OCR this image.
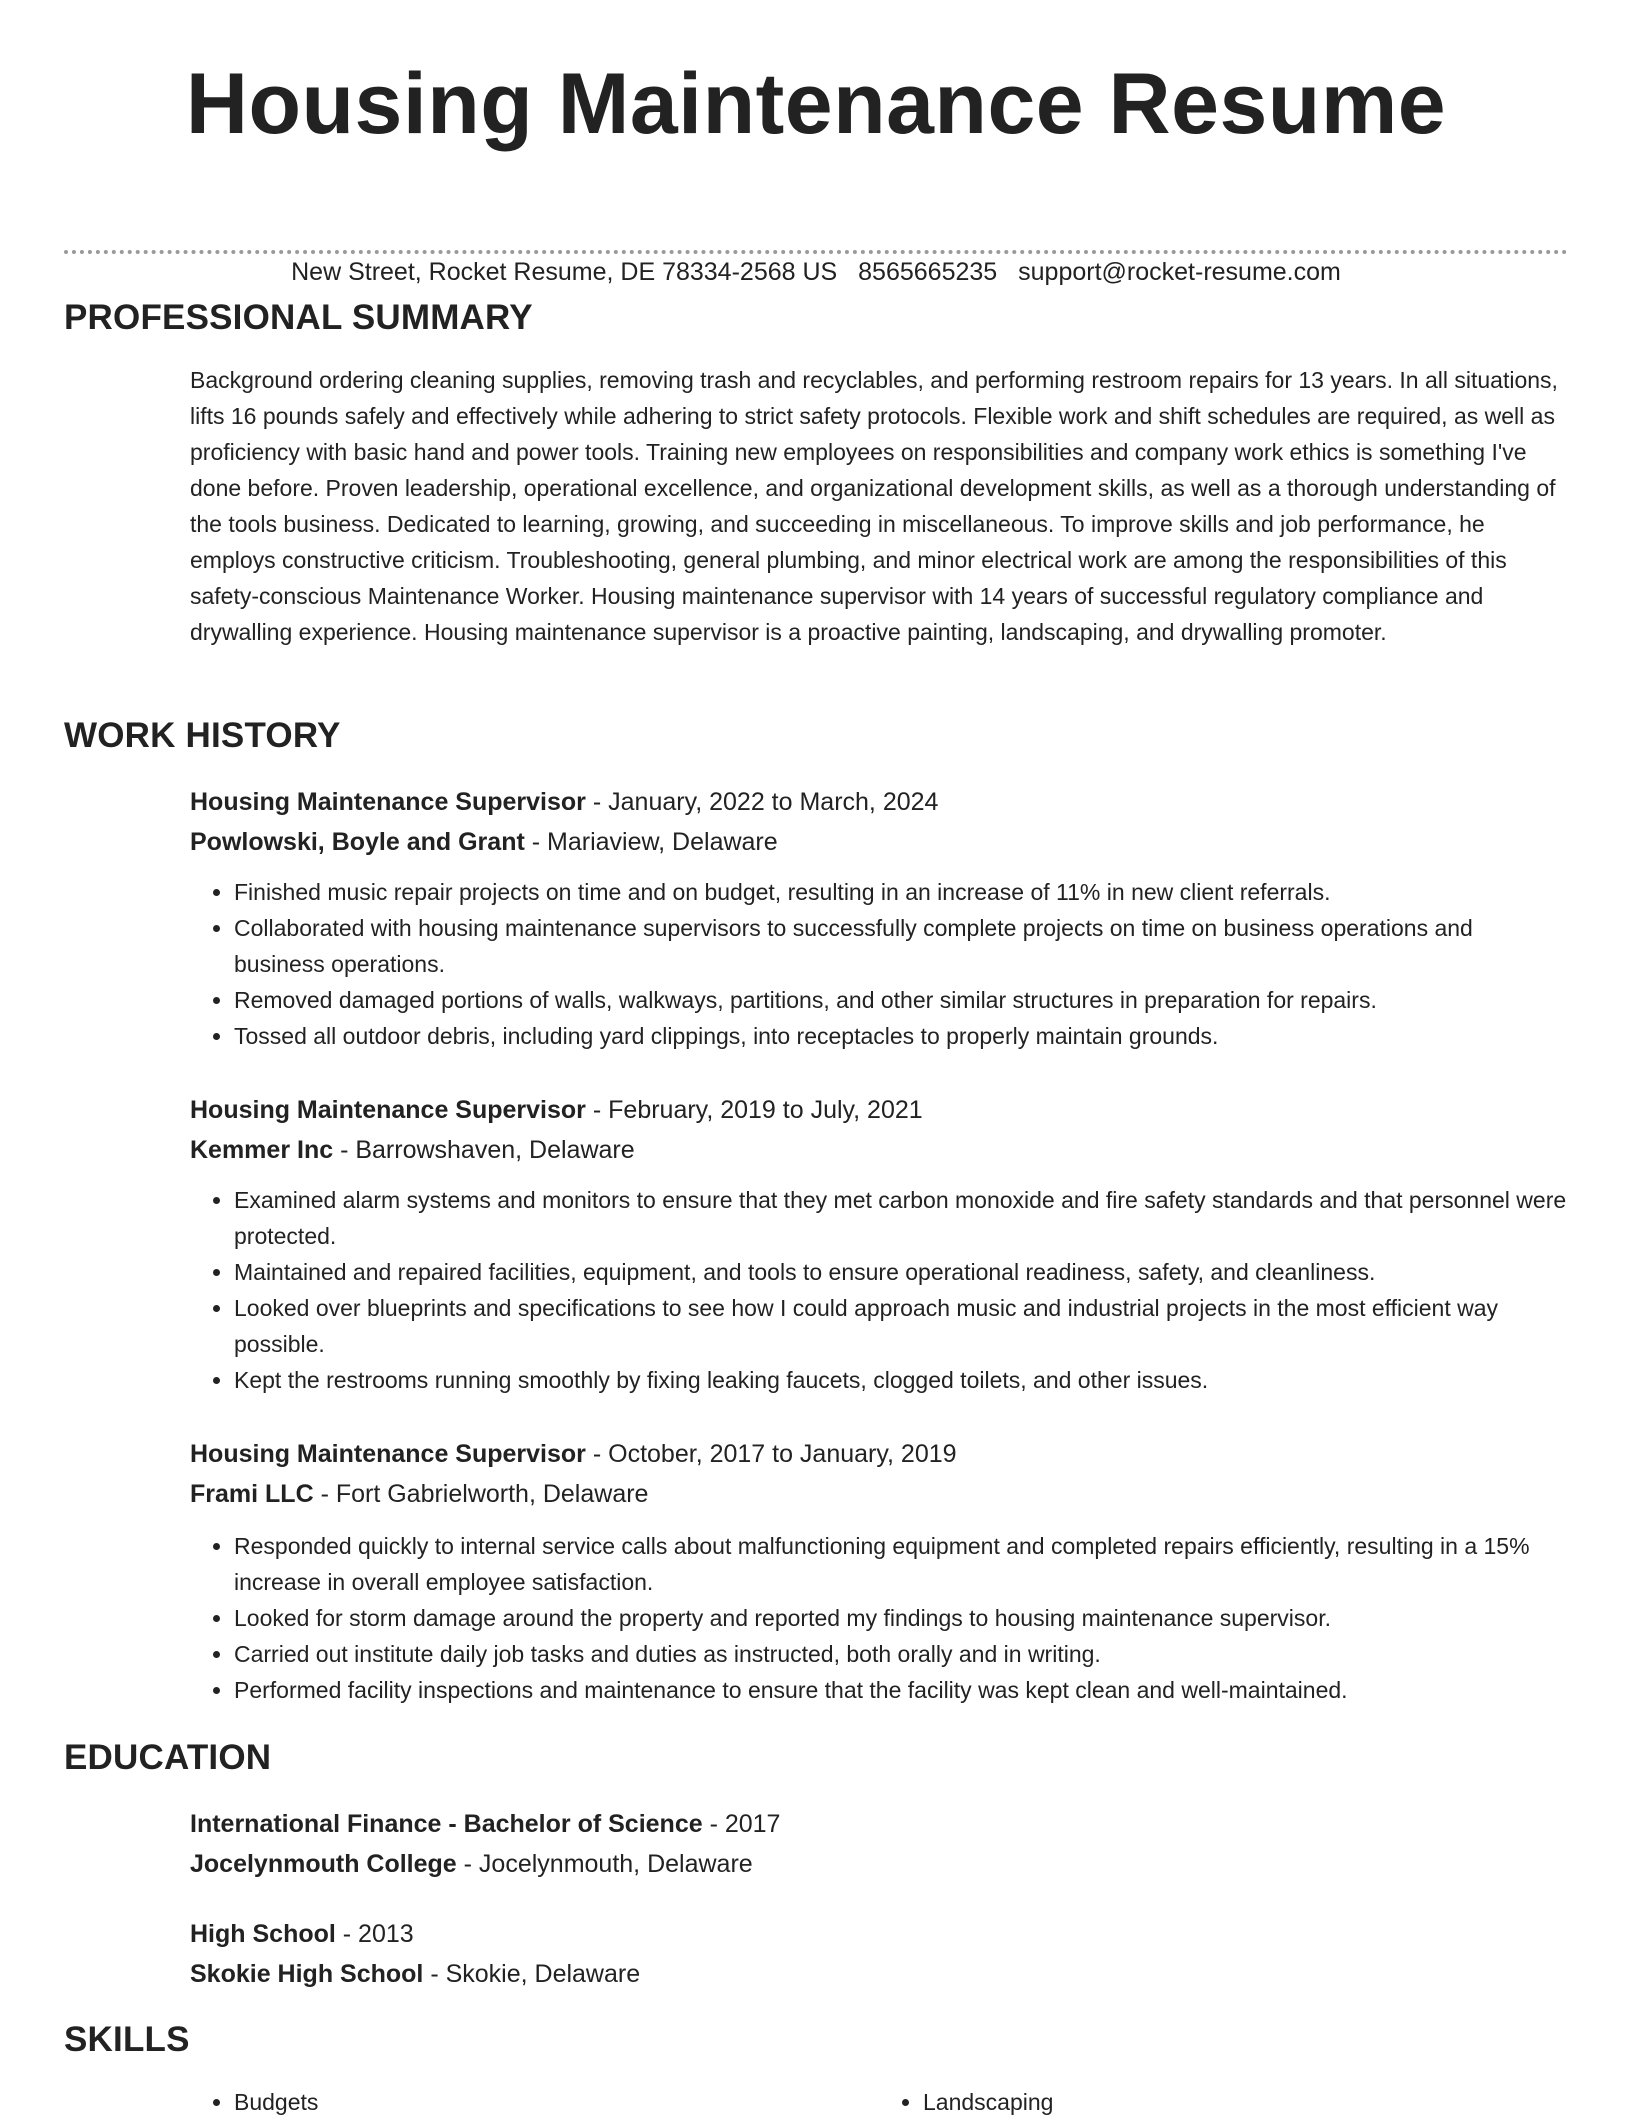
Housing Maintenance Resume
New Street, Rocket Resume, DE 78334-2568 US 8565665235 support@rocket-resume.com
PROFESSIONAL SUMMARY
Background ordering cleaning supplies, removing trash and recyclables, and performing restroom repairs for 13 years. In all situations, lifts 16 pounds safely and effectively while adhering to strict safety protocols. Flexible work and shift schedules are required, as well as proficiency with basic hand and power tools. Training new employees on responsibilities and company work ethics is something I've done before. Proven leadership, operational excellence, and organizational development skills, as well as a thorough understanding of the tools business. Dedicated to learning, growing, and succeeding in miscellaneous. To improve skills and job performance, he employs constructive criticism. Troubleshooting, general plumbing, and minor electrical work are among the responsibilities of this safety-conscious Maintenance Worker. Housing maintenance supervisor with 14 years of successful regulatory compliance and drywalling experience. Housing maintenance supervisor is a proactive painting, landscaping, and drywalling promoter.
WORK HISTORY
Housing Maintenance Supervisor - January, 2022 to March, 2024
Powlowski, Boyle and Grant - Mariaview, Delaware
• Finished music repair projects on time and on budget, resulting in an increase of 11% in new client referrals.
• Collaborated with housing maintenance supervisors to successfully complete projects on time on business operations and business operations.
• Removed damaged portions of walls, walkways, partitions, and other similar structures in preparation for repairs.
• Tossed all outdoor debris, including yard clippings, into receptacles to properly maintain grounds.
Housing Maintenance Supervisor - February, 2019 to July, 2021
Kemmer Inc - Barrowshaven, Delaware
• Examined alarm systems and monitors to ensure that they met carbon monoxide and fire safety standards and that personnel were protected.
• Maintained and repaired facilities, equipment, and tools to ensure operational readiness, safety, and cleanliness.
• Looked over blueprints and specifications to see how I could approach music and industrial projects in the most efficient way possible.
• Kept the restrooms running smoothly by fixing leaking faucets, clogged toilets, and other issues.
Housing Maintenance Supervisor - October, 2017 to January, 2019
Frami LLC - Fort Gabrielworth, Delaware
• Responded quickly to internal service calls about malfunctioning equipment and completed repairs efficiently, resulting in a 15% increase in overall employee satisfaction.
• Looked for storm damage around the property and reported my findings to housing maintenance supervisor.
• Carried out institute daily job tasks and duties as instructed, both orally and in writing.
• Performed facility inspections and maintenance to ensure that the facility was kept clean and well-maintained.
EDUCATION
International Finance - Bachelor of Science - 2017
Jocelynmouth College - Jocelynmouth, Delaware
High School - 2013
Skokie High School - Skokie, Delaware
SKILLS
• Budgets
•	Landscaping
